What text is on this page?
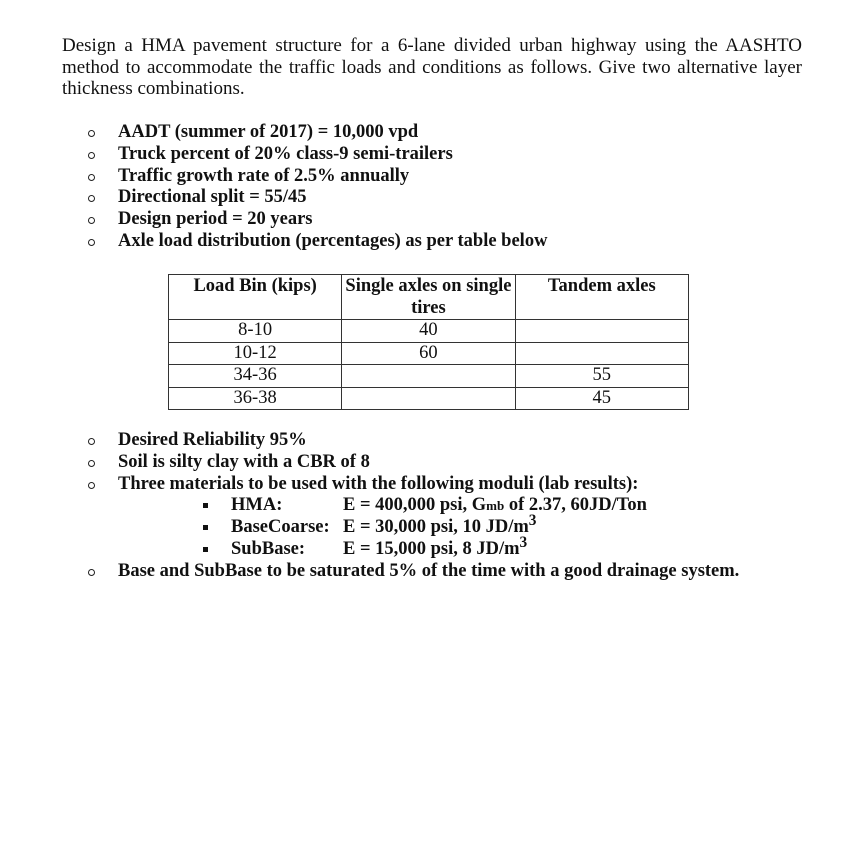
Design a HMA pavement structure for a 6-lane divided urban highway using the AASHTO method to accommodate the traffic loads and conditions as follows. Give two alternative layer thickness combinations.
AADT (summer of 2017) = 10,000 vpd
Truck percent of 20% class-9 semi-trailers
Traffic growth rate of 2.5% annually
Directional split = 55/45
Design period = 20 years
Axle load distribution (percentages) as per table below
Load Bin (kips)	Single axles on single tires	Tandem axles
8-10	40	
10-12	60	
34-36		55
36-38		45
Desired Reliability 95%
Soil is silty clay with a CBR of 8
Three materials to be used with the following moduli (lab results):
HMA:	E = 400,000 psi, Gmb of 2.37, 60JD/Ton
BaseCoarse: E = 30,000 psi, 10 $JD/m^3$
SubBase: E = 15,000 psi, 8 $JD/m^3$
Base and SubBase to be saturated 5% of the time with a good drainage system.
